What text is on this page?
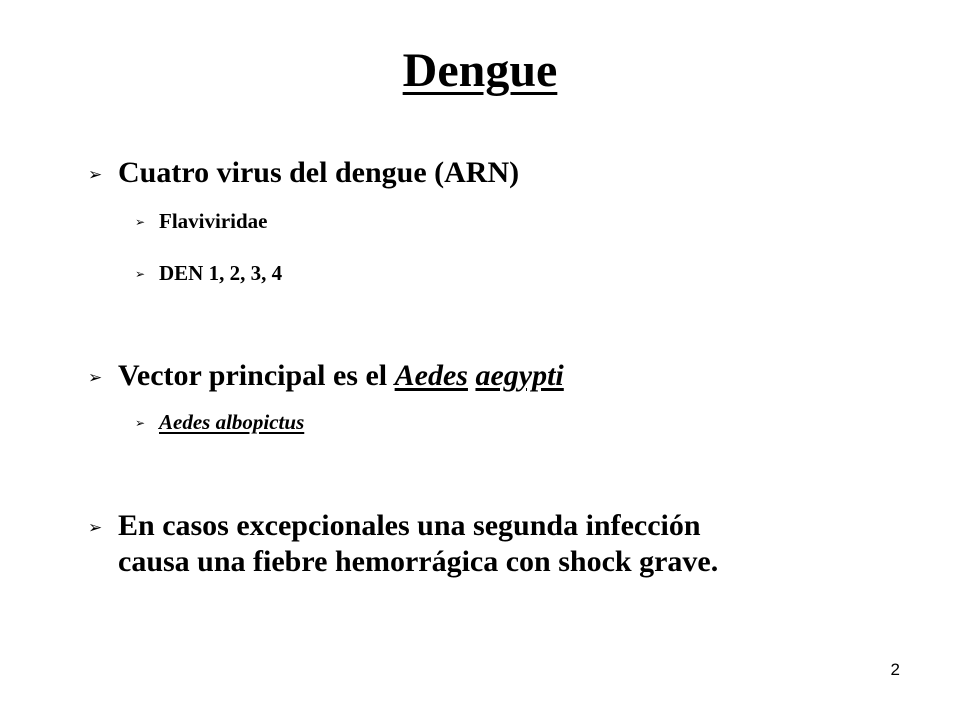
Dengue
➢ Cuatro virus del dengue (ARN)
➢ Flaviviridae
➢ DEN 1, 2, 3, 4
➢ Vector principal es el Aedes aegypti
➢ Aedes albopictus
➢ En casos excepcionales una segunda infección
causa una fiebre hemorrágica con shock grave.
2
